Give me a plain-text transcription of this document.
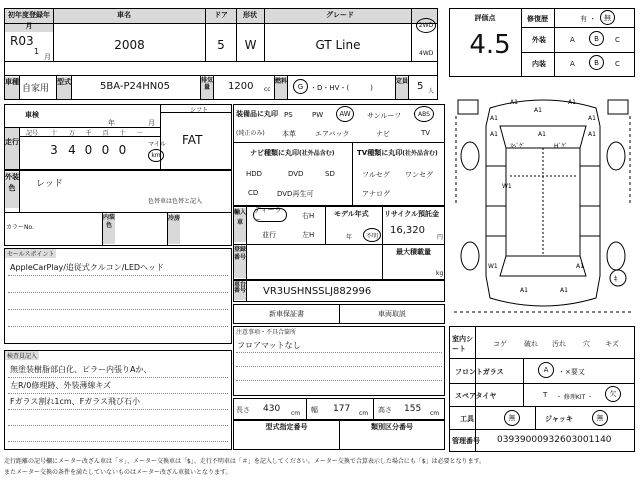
初年度登録年月
車名	ドア	形状	グレード
R03
1
月
2008	5	W	GT Line
2WD
4WD
車種
自家用
型式	5BA-P24HN05
排気量	1200 cc
燃料
G ・D・HV・(　　　)
定員 5 人
評価点
4.5
修復歴	有 ・	無
外装	A	B	C
内装	A	B	C
車検
年	月
シフト
FAT
走行
記号	十	万	千	百	十	一
3 4 0 0 0	マイル
km
外装色	レッド
色替車は色替と記入
カラーNo.
内装色
冷房
セールスポイント
AppleCarPlay/追従式クルコン/LEDヘッド
検査員記入
無塗装樹脂部白化、ピラー内張りAか、
左R/0修理跡、外装薄線キズ
Fガラス割れ1cm、Fガラス飛び石小
装備品に丸印
(純正のみ)
PS	PW	AW	サンルーフ	ABS
本革	エアバック	ナビ	TV
ナビ種類に丸印(社外品含む)	TV種類に丸印(社外品含む)
HDD	DVD	SD
CD	DVD再生可
フルセグ ワンセグ
アナログ
輸入車
ディーラー
並行
右H
左H
モデル年式
年	不明
リサイクル預託金
16,320
円
最大積載量
kg
登録番号
車台番号 VR3USHNSSLJ882996
新車保証書	車両取説
注意事項・不具合箇所
フロアマットなし
長さ 430 cm 幅 177 cm 高さ 155 cm
型式指定番号	類別区分番号
A1	A1
A1
A1	A1
A1	A1
A1
ｽﾍﾞｸﾞ	Hﾞｸﾞ
W1
W1	A1
A1	A1
ｷ
室内シート
コゲ 破れ 汚れ 穴 キズ
フロントガラス	A	・×要又
スペアタイヤ	T ・ 修理KIT ・	欠
工具	無	ジャッキ	無
管理番号 03939000932603001140
走行距離の記号欄にメーター改ざん車は「＊」、メーター交換車は「$」、走行不明車は「＃」を記入してください。メーター交換で合算表示した場合にも「$」は必要となります。
またメーター交換の条件を満たしていないものはメーター改ざん車扱いとなります。
